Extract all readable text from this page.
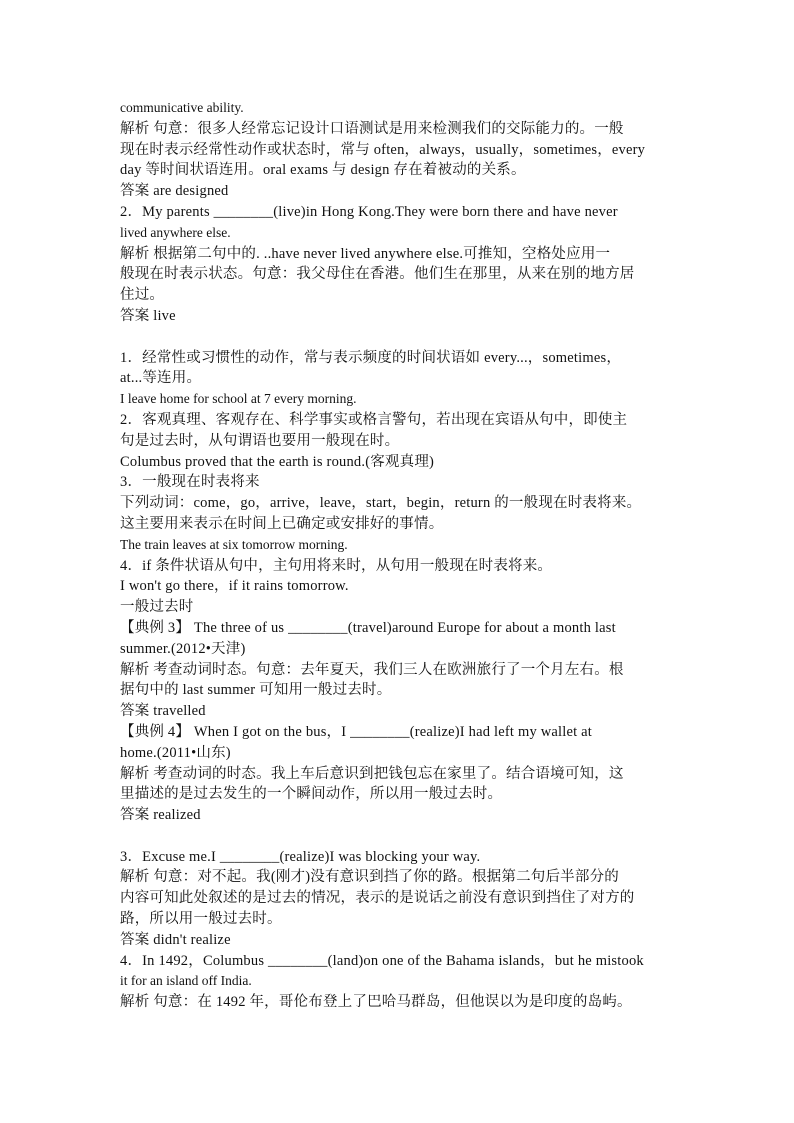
communicative ability.
解析 句意：很多人经常忘记设计口语测试是用来检测我们的交际能力的。一般
现在时表示经常性动作或状态时，常与 often，always，usually，sometimes，every
day 等时间状语连用。oral exams 与 design 存在着被动的关系。
答案 are designed
2．My parents ________(live)in Hong Kong.They were born there and have never
lived anywhere else.
解析 根据第二句中的. ..have never lived anywhere else.可推知，空格处应用一
般现在时表示状态。句意：我父母住在香港。他们生在那里，从来在别的地方居
住过。
答案 live
1．经常性或习惯性的动作，常与表示频度的时间状语如 every...，sometimes，
at...等连用。
I leave home for school at 7 every morning.
2．客观真理、客观存在、科学事实或格言警句，若出现在宾语从句中，即使主
句是过去时，从句谓语也要用一般现在时。
Columbus proved that the earth is round.(客观真理)
3．一般现在时表将来
下列动词：come，go，arrive，leave，start，begin，return 的一般现在时表将来。
这主要用来表示在时间上已确定或安排好的事情。
The train leaves at six tomorrow morning.
4．if 条件状语从句中，主句用将来时，从句用一般现在时表将来。
I won't go there，if it rains tomorrow.
一般过去时
【典例 3】 The three of us ________(travel)around Europe for about a month last
summer.(2012•天津)
解析 考查动词时态。句意：去年夏天，我们三人在欧洲旅行了一个月左右。根
据句中的 last summer 可知用一般过去时。
答案 travelled
【典例 4】 When I got on the bus，I ________(realize)I had left my wallet at
home.(2011•山东)
解析 考查动词的时态。我上车后意识到把钱包忘在家里了。结合语境可知，这
里描述的是过去发生的一个瞬间动作，所以用一般过去时。
答案 realized
3．Excuse me.I ________(realize)I was blocking your way.
解析 句意：对不起。我(刚才)没有意识到挡了你的路。根据第二句后半部分的
内容可知此处叙述的是过去的情况，表示的是说话之前没有意识到挡住了对方的
路，所以用一般过去时。
答案 didn't realize
4．In 1492，Columbus ________(land)on one of the Bahama islands，but he mistook
it for an island off India.
解析 句意：在 1492 年，哥伦布登上了巴哈马群岛，但他误以为是印度的岛屿。
